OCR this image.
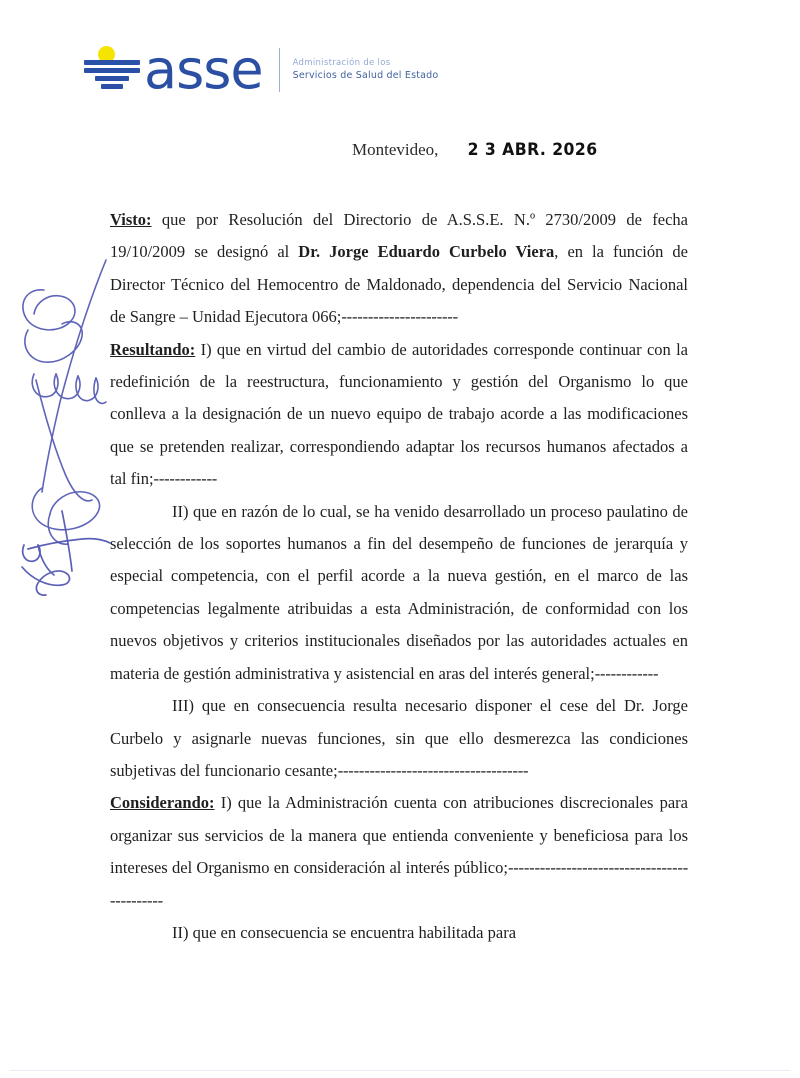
asse	Administración de los
Servicios de Salud del Estado
Montevideo, 2 3 ABR. 2026

Visto: que por Resolución del Directorio de A.S.S.E. N.º 2730/2009 de fecha 19/10/2009 se designó al Dr. Jorge Eduardo Curbelo Viera, en la función de Director Técnico del Hemocentro de Maldonado, dependencia del Servicio Nacional de Sangre – Unidad Ejecutora 066;----------------------

Resultando: I) que en virtud del cambio de autoridades corresponde continuar con la redefinición de la reestructura, funcionamiento y gestión del Organismo lo que conlleva a la designación de un nuevo equipo de trabajo acorde a las modificaciones que se pretenden realizar, correspondiendo adaptar los recursos humanos afectados a tal fin;------------

II) que en razón de lo cual, se ha venido desarrollado un proceso paulatino de selección de los soportes humanos a fin del desempeño de funciones de jerarquía y especial competencia, con el perfil acorde a la nueva gestión, en el marco de las competencias legalmente atribuidas a esta Administración, de conformidad con los nuevos objetivos y criterios institucionales diseñados por las autoridades actuales en materia de gestión administrativa y asistencial en aras del interés general;------------

III) que en consecuencia resulta necesario disponer el cese del Dr. Jorge Curbelo y asignarle nuevas funciones, sin que ello desmerezca las condiciones subjetivas del funcionario cesante;------------------------------------

Considerando: I) que la Administración cuenta con atribuciones discrecionales para organizar sus servicios de la manera que entienda conveniente y beneficiosa para los intereses del Organismo en consideración al interés público;--------------------------------------------

II) que en consecuencia se encuentra habilitada para
